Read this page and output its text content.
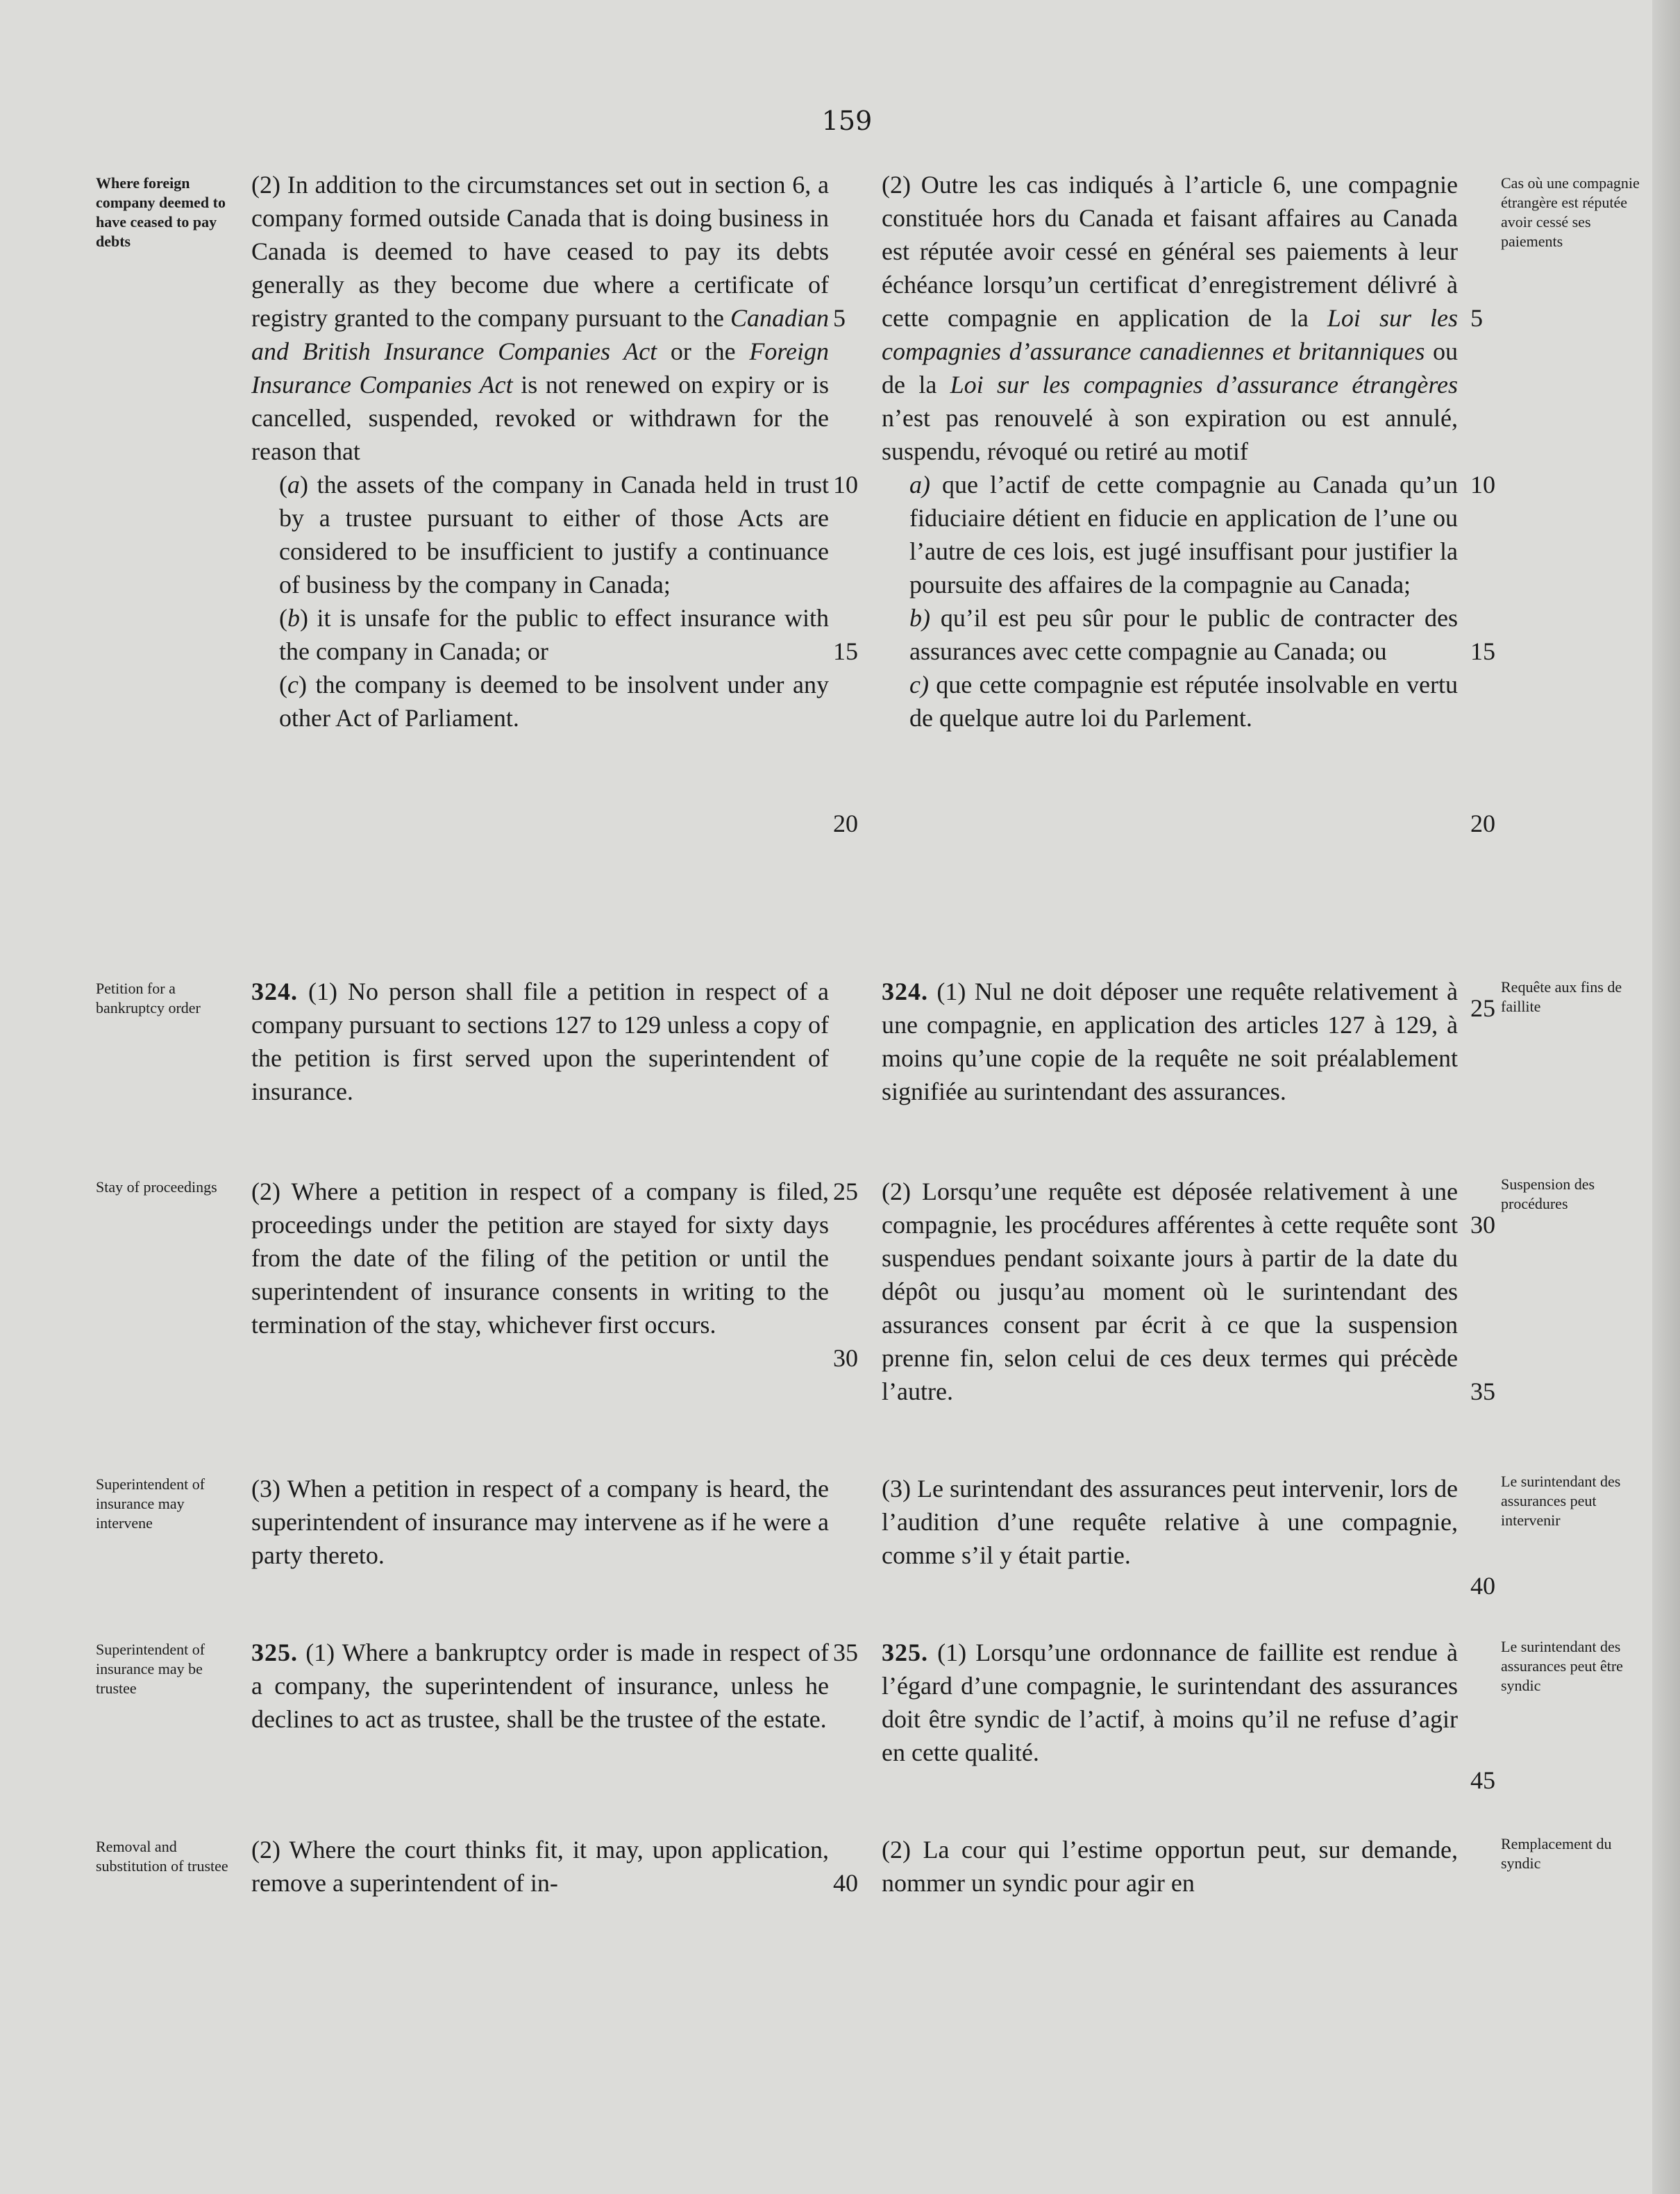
159
Where foreign company deemed to have ceased to pay debts
Petition for a bankruptcy order
Stay of proceedings
Superintendent of insurance may intervene
Superintendent of insurance may be trustee
Removal and substitution of trustee
Cas où une compagnie étrangère est réputée avoir cessé ses paiements
Requête aux fins de faillite
Suspension des procédures
Le surintendant des assurances peut intervenir
Le surintendant des assurances peut être syndic
Remplacement du syndic

(2) In addition to the circumstances set out in section 6, a company formed outside Canada that is doing business in Canada is deemed to have ceased to pay its debts generally as they become due where a certificate of registry granted to the company pursuant to the Canadian and British Insurance Companies Act or the Foreign Insurance Companies Act is not renewed on expiry or is cancelled, suspended, revoked or withdrawn for the reason that

(a) the assets of the company in Canada held in trust by a trustee pursuant to either of those Acts are considered to be insufficient to justify a continuance of business by the company in Canada;

(b) it is unsafe for the public to effect insurance with the company in Canada; or

(c) the company is deemed to be insolvent under any other Act of Parliament.

324. (1) No person shall file a petition in respect of a company pursuant to sections 127 to 129 unless a copy of the petition is first served upon the superintendent of insurance.

(2) Where a petition in respect of a company is filed, proceedings under the petition are stayed for sixty days from the date of the filing of the petition or until the superintendent of insurance consents in writing to the termination of the stay, whichever first occurs.

(3) When a petition in respect of a company is heard, the superintendent of insurance may intervene as if he were a party thereto.

325. (1) Where a bankruptcy order is made in respect of a company, the superintendent of insurance, unless he declines to act as trustee, shall be the trustee of the estate.

(2) Where the court thinks fit, it may, upon application, remove a superintendent of in-

(2) Outre les cas indiqués à l’article 6, une compagnie constituée hors du Canada et faisant affaires au Canada est réputée avoir cessé en général ses paiements à leur échéance lorsqu’un certificat d’enregistrement délivré à cette compagnie en application de la Loi sur les compagnies d’assurance canadiennes et britanniques ou de la Loi sur les compagnies d’assurance étrangères n’est pas renouvelé à son expiration ou est annulé, suspendu, révoqué ou retiré au motif

a) que l’actif de cette compagnie au Canada qu’un fiduciaire détient en fiducie en application de l’une ou l’autre de ces lois, est jugé insuffisant pour justifier la poursuite des affaires de la compagnie au Canada;

b) qu’il est peu sûr pour le public de contracter des assurances avec cette compagnie au Canada; ou

c) que cette compagnie est réputée insolvable en vertu de quelque autre loi du Parlement.

324. (1) Nul ne doit déposer une requête relativement à une compagnie, en application des articles 127 à 129, à moins qu’une copie de la requête ne soit préalablement signifiée au surintendant des assurances.

(2) Lorsqu’une requête est déposée relativement à une compagnie, les procédures afférentes à cette requête sont suspendues pendant soixante jours à partir de la date du dépôt ou jusqu’au moment où le surintendant des assurances consent par écrit à ce que la suspension prenne fin, selon celui de ces deux termes qui précède l’autre.

(3) Le surintendant des assurances peut intervenir, lors de l’audition d’une requête relative à une compagnie, comme s’il y était partie.

325. (1) Lorsqu’une ordonnance de faillite est rendue à l’égard d’une compagnie, le surintendant des assurances doit être syndic de l’actif, à moins qu’il ne refuse d’agir en cette qualité.

(2) La cour qui l’estime opportun peut, sur demande, nommer un syndic pour agir en

5
10
15
20
25
30
35
40
5
10
15
20
25
30
35
40
45
